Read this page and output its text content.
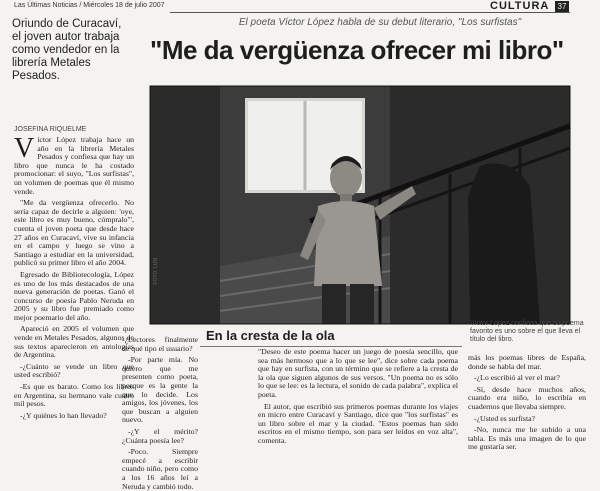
Las Últimas Noticias / Miércoles 18 de julio 2007	CULTURA	37
Oriundo de Curacaví, el joven autor trabaja como vendedor en la librería Metales Pesados.
El poeta Víctor López habla de su debut literario, "Los surfistas"
"Me da vergüenza ofrecer mi libro"
JOSEFINA RIQUELME
FOTO: LUN
Víctor López confiesa que su poema favorito es uno sobre el que lleva el título del libro.

Víctor López trabaja hace un año en la librería Metales Pesados y confiesa que hay un libro que nunca le ha costado promocionar: el suyo, "Los surfistas", un volumen de poemas que él mismo vende.

"Me da vergüenza ofrecerlo. No sería capaz de decirle a alguien: 'oye, este libro es muy bueno, cómpralo'", cuenta el joven poeta que desde hace 27 años en Curacaví, vive su infancia en el campo y luego se vino a Santiago a estudiar en la universidad, publicó su primer libro el año 2004.

Egresado de Bibliotecología, López es uno de los más destacados de una nueva generación de poetas. Ganó el concurso de poesía Pablo Neruda en 2005 y su libro fue premiado como mejor poemario del año.

Apareció en 2005 el volumen que vende en Metales Pesados, algunos de sus textos aparecieron en antologías de Argentina.

-¿Cuánto se vende un libro que usted escribió?

-Es que es barato. Como los libros en Argentina, su hermano vale cuatro mil pesos.

-¿Y quiénes lo han llevado?

-¿Lectores finalmente de qué tipo el usuario?

-Por parte mía. No quiero que me presenten como poeta, porque es la gente la que lo decide. Los amigos, los jóvenes, los que buscan a alguien nuevo.

-¿Y el mérito? ¿Cuánta poesía lee?

-Poco. Siempre empecé a escribir cuando niño, pero como a los 16 años leí a Neruda y cambió todo.

En la cresta de la ola

"Deseo de este poema hacer un juego de poesía sencillo, que sea más hermoso que a lo que se lee", dice sobre cada poema que hay en surfista, con un término que se refiere a la cresta de la ola que siguen algunos de sus versos. "Un poema no es sólo lo que se lee: es la lectura, el sonido de cada palabra", explica el poeta.

El autor, que escribió sus primeros poemas durante los viajes en micro entre Curacaví y Santiago, dice que "los surfistas" es un libro sobre el mar y la ciudad. "Estos poemas han sido escritos en el mismo tiempo, son para ser leídos en voz alta", comenta.

más los poemas libres de España, donde se habla del mar.

-¿Lo escribió al ver el mar?

-Sí, desde hace muchos años, cuando era niño, lo escribía en cuadernos que llevaba siempre.

-¿Usted es surfista?

-No, nunca me he subido a una tabla. Es más una imagen de lo que me gustaría ser.
